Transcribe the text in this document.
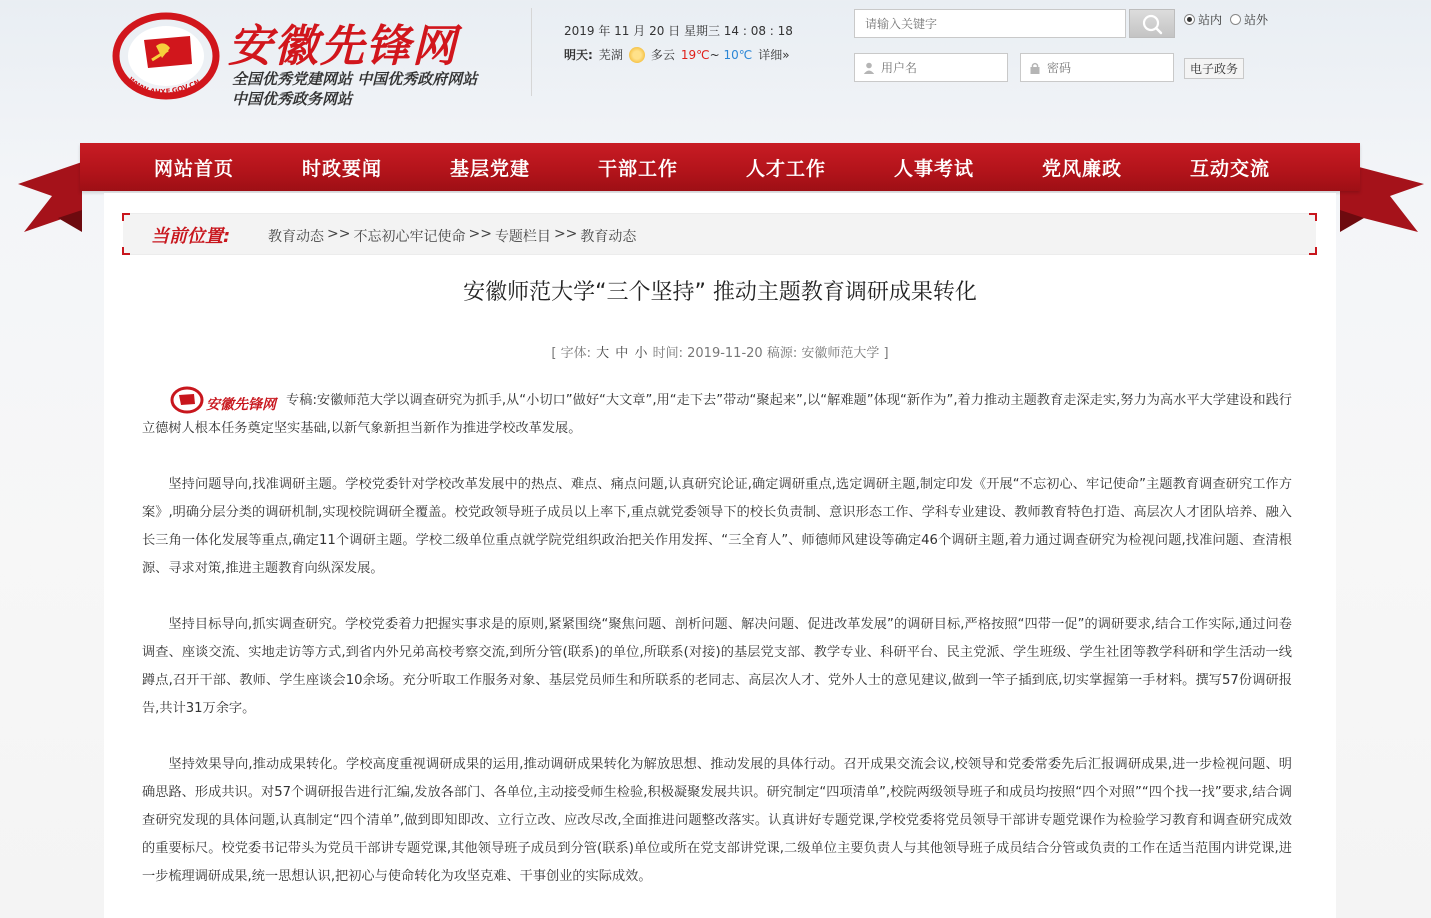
WWW.AHXF.GOV.CN
安徽先锋网
全国优秀党建网站 中国优秀政府网站
中国优秀政务网站
2019 年 11 月 20 日 星期三 14 : 08 : 18
明天: 芜湖 多云 19℃~ 10℃ 详细»
请输入关键字
站内 站外
用户名
电子政务
网站首页	时政要闻	基层党建	干部工作	人才工作	人事考试	党风廉政	互动交流
当前位置:	教育动态 >> 不忘初心牢记使命 >> 专题栏目 >> 教育动态
安徽师范大学“三个坚持” 推动主题教育调研成果转化
[ 字体: 大 中 小 时间: 2019-11-20 稿源: 安徽师范大学 ]

安徽先锋网 专稿:安徽师范大学以调查研究为抓手,从“小切口”做好“大文章”,用“走下去”带动“聚起来”,以“解难题”体现“新作为”,着力推动主题教育走深走实,努力为高水平大学建设和践行立德树人根本任务奠定坚实基础,以新气象新担当新作为推进学校改革发展。

坚持问题导向,找准调研主题。学校党委针对学校改革发展中的热点、难点、痛点问题,认真研究论证,确定调研重点,选定调研主题,制定印发《开展“不忘初心、牢记使命”主题教育调查研究工作方案》,明确分层分类的调研机制,实现校院调研全覆盖。校党政领导班子成员以上率下,重点就党委领导下的校长负责制、意识形态工作、学科专业建设、教师教育特色打造、高层次人才团队培养、融入长三角一体化发展等重点,确定11个调研主题。学校二级单位重点就学院党组织政治把关作用发挥、“三全育人”、师德师风建设等确定46个调研主题,着力通过调查研究为检视问题,找准问题、查清根源、寻求对策,推进主题教育向纵深发展。

坚持目标导向,抓实调查研究。学校党委着力把握实事求是的原则,紧紧围绕“聚焦问题、剖析问题、解决问题、促进改革发展”的调研目标,严格按照“四带一促”的调研要求,结合工作实际,通过问卷调查、座谈交流、实地走访等方式,到省内外兄弟高校考察交流,到所分管(联系)的单位,所联系(对接)的基层党支部、教学专业、科研平台、民主党派、学生班级、学生社团等教学科研和学生活动一线蹲点,召开干部、教师、学生座谈会10余场。充分听取工作服务对象、基层党员师生和所联系的老同志、高层次人才、党外人士的意见建议,做到一竿子插到底,切实掌握第一手材料。撰写57份调研报告,共计31万余字。

坚持效果导向,推动成果转化。学校高度重视调研成果的运用,推动调研成果转化为解放思想、推动发展的具体行动。召开成果交流会议,校领导和党委常委先后汇报调研成果,进一步检视问题、明确思路、形成共识。对57个调研报告进行汇编,发放各部门、各单位,主动接受师生检验,积极凝聚发展共识。研究制定“四项清单”,校院两级领导班子和成员均按照“四个对照”“四个找一找”要求,结合调查研究发现的具体问题,认真制定“四个清单”,做到即知即改、立行立改、应改尽改,全面推进问题整改落实。认真讲好专题党课,学校党委将党员领导干部讲专题党课作为检验学习教育和调查研究成效的重要标尺。校党委书记带头为党员干部讲专题党课,其他领导班子成员到分管(联系)单位或所在党支部讲党课,二级单位主要负责人与其他领导班子成员结合分管或负责的工作在适当范围内讲党课,进一步梳理调研成果,统一思想认识,把初心与使命转化为攻坚克难、干事创业的实际成效。
